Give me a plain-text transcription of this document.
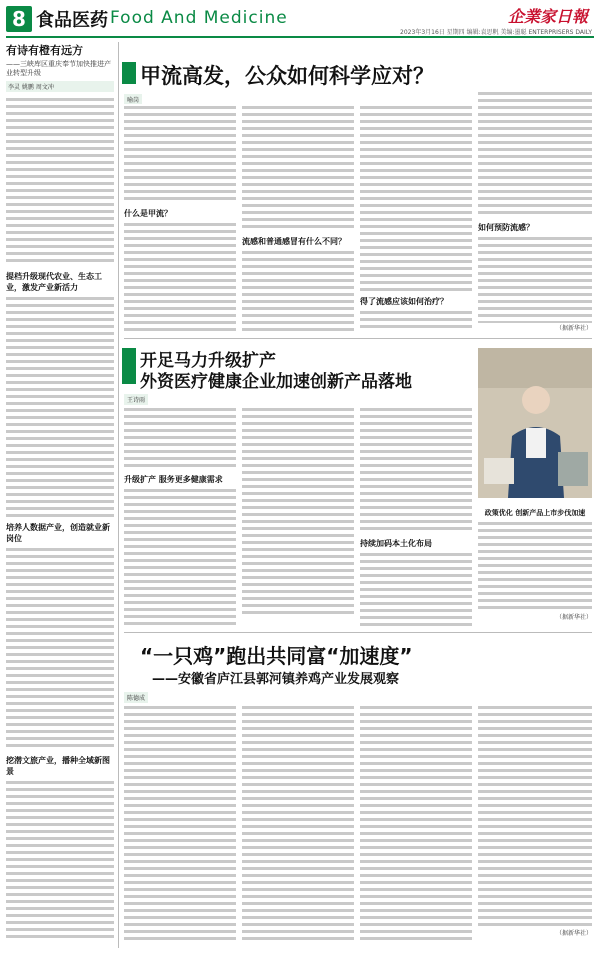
8 食品医药 Food And Medicine	企業家日報
2023年3月16日 星期四 编辑:袁思帆 美编:墨聪 ENTERPRISERS DAILY
有诗有橙有远方
——三峡库区重庆奉节加快推进产业转型升级
李灵 姚鹏 周文冲
提档升级现代农业、生态工业，激发产业新活力
培养人数据产业，创造就业新岗位
挖潜文旅产业，播种全域新图景
甲流高发，公众如何科学应对？
喻岗
什么是甲流？
流感和普通感冒有什么不同？
得了流感应该如何治疗？
如何预防流感？
（据新华社）
开足马力升级扩产
外资医疗健康企业加速创新产品落地
王诗雨
升级扩产 服务更多健康需求
持续加码本土化布局
政策优化 创新产品上市步伐加速
（据新华社）
“一只鸡”跑出共同富“加速度”
——安徽省庐江县郭河镇养鸡产业发展观察
陈德成
（据新华社）
